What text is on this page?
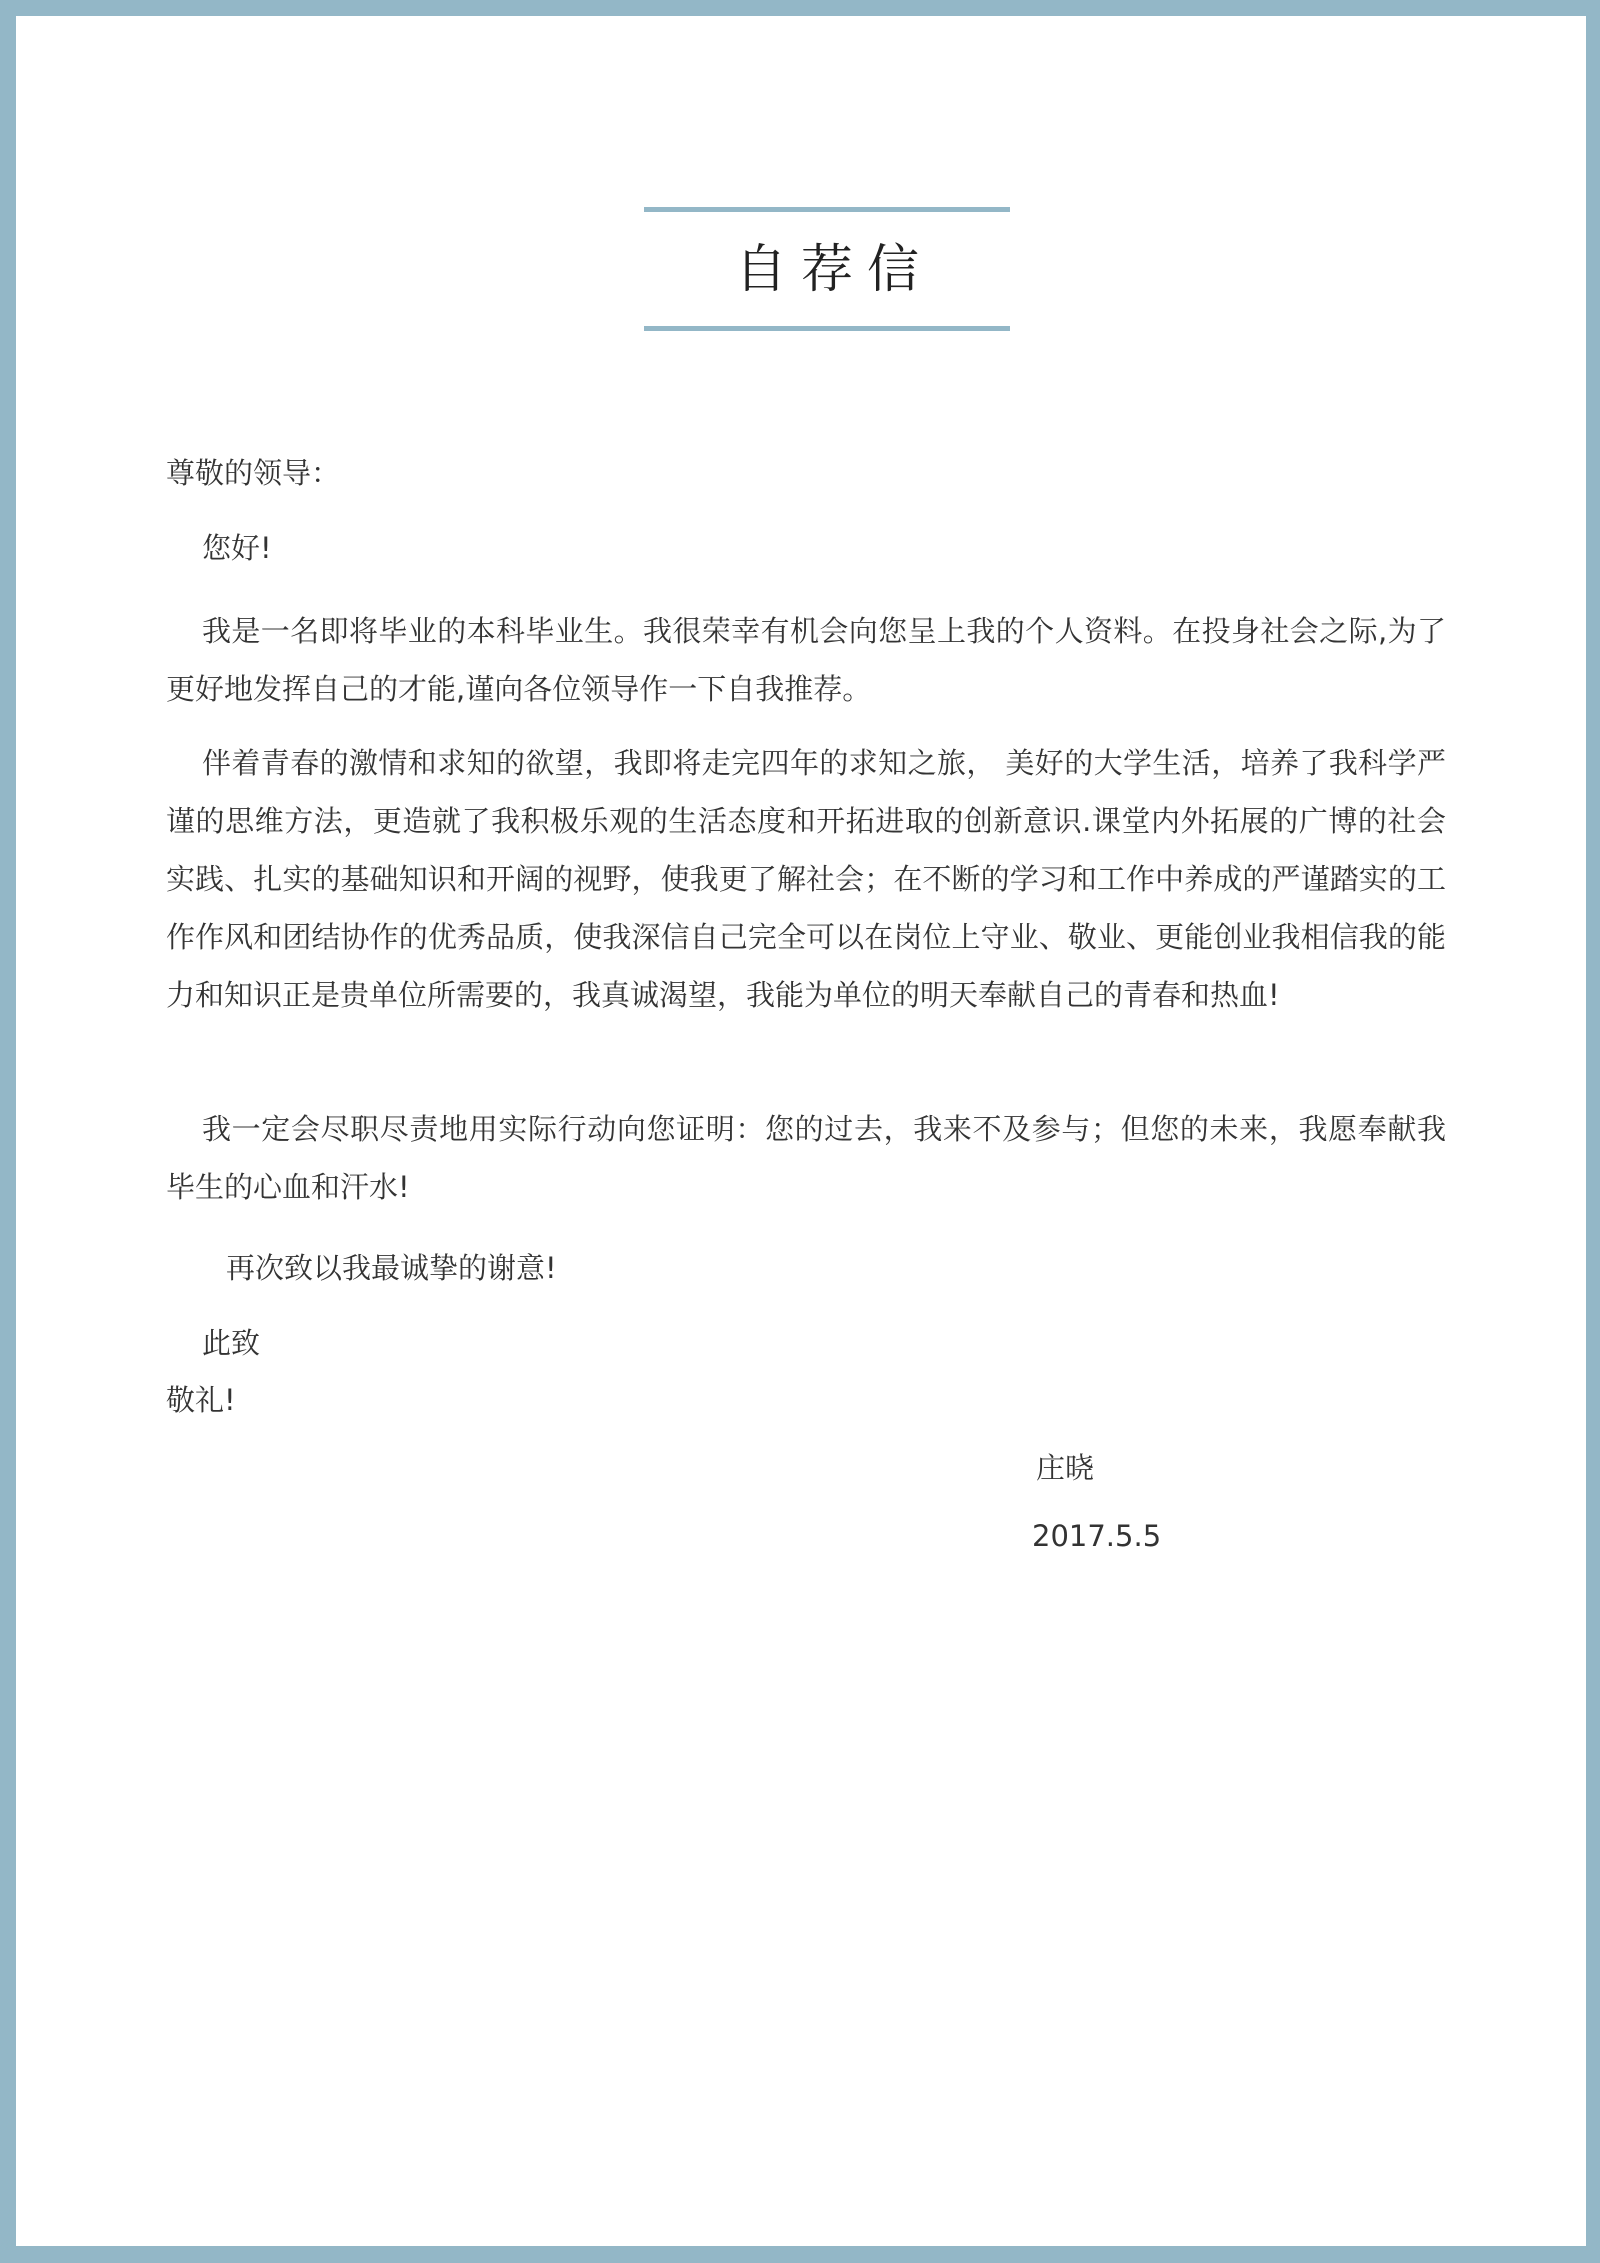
自荐信

尊敬的领导：

您好!

我是一名即将毕业的本科毕业生。我很荣幸有机会向您呈上我的个人资料。在投身社会之际,为了更好地发挥自己的才能,谨向各位领导作一下自我推荐。

伴着青春的激情和求知的欲望，我即将走完四年的求知之旅， 美好的大学生活，培养了我科学严谨的思维方法，更造就了我积极乐观的生活态度和开拓进取的创新意识.课堂内外拓展的广博的社会实践、扎实的基础知识和开阔的视野，使我更了解社会；在不断的学习和工作中养成的严谨踏实的工作作风和团结协作的优秀品质，使我深信自己完全可以在岗位上守业、敬业、更能创业我相信我的能力和知识正是贵单位所需要的，我真诚渴望，我能为单位的明天奉献自己的青春和热血!

我一定会尽职尽责地用实际行动向您证明：您的过去，我来不及参与；但您的未来，我愿奉献我毕生的心血和汗水!

再次致以我最诚挚的谢意!

此致

敬礼!

庄晓

2017.5.5
